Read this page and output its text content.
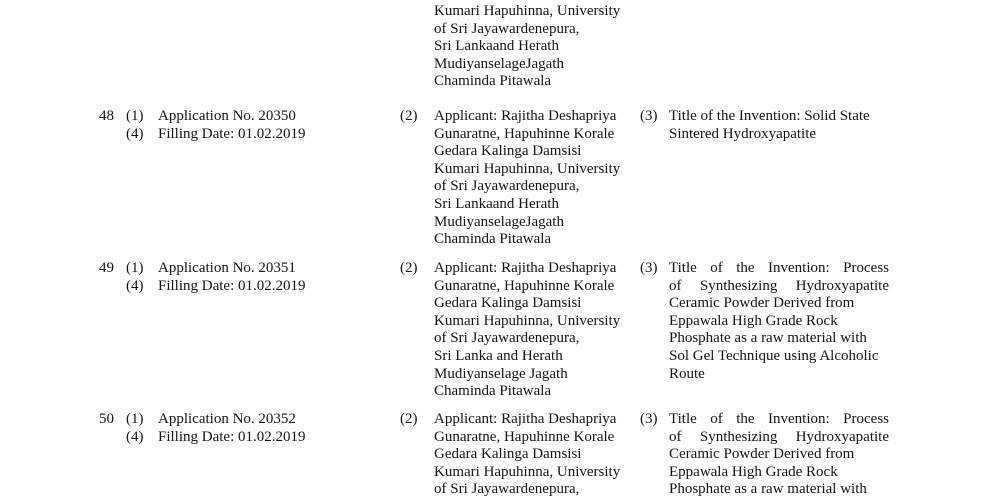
Kumari Hapuhinna, University
of Sri Jayawardenepura,
Sri Lankaand Herath
MudiyanselageJagath
Chaminda Pitawala
48 (1) Application No. 20350
(4) Filling Date: 01.02.2019
(2) Applicant: Rajitha Deshapriya
Gunaratne, Hapuhinne Korale
Gedara Kalinga Damsisi
Kumari Hapuhinna, University
of Sri Jayawardenepura,
Sri Lankaand Herath
MudiyanselageJagath
Chaminda Pitawala
(3) Title of the Invention: Solid State
Sintered Hydroxyapatite
49 (1) Application No. 20351
(4) Filling Date: 01.02.2019
(2) Applicant: Rajitha Deshapriya
Gunaratne, Hapuhinne Korale
Gedara Kalinga Damsisi
Kumari Hapuhinna, University
of Sri Jayawardenepura,
Sri Lanka and Herath
Mudiyanselage Jagath
Chaminda Pitawala
(3) Title of the Invention: Process
of Synthesizing Hydroxyapatite
Ceramic Powder Derived from
Eppawala High Grade Rock
Phosphate as a raw material with
Sol Gel Technique using Alcoholic
Route
50 (1) Application No. 20352
(4) Filling Date: 01.02.2019
(2) Applicant: Rajitha Deshapriya
Gunaratne, Hapuhinne Korale
Gedara Kalinga Damsisi
Kumari Hapuhinna, University
of Sri Jayawardenepura,
(3) Title of the Invention: Process
of Synthesizing Hydroxyapatite
Ceramic Powder Derived from
Eppawala High Grade Rock
Phosphate as a raw material with
